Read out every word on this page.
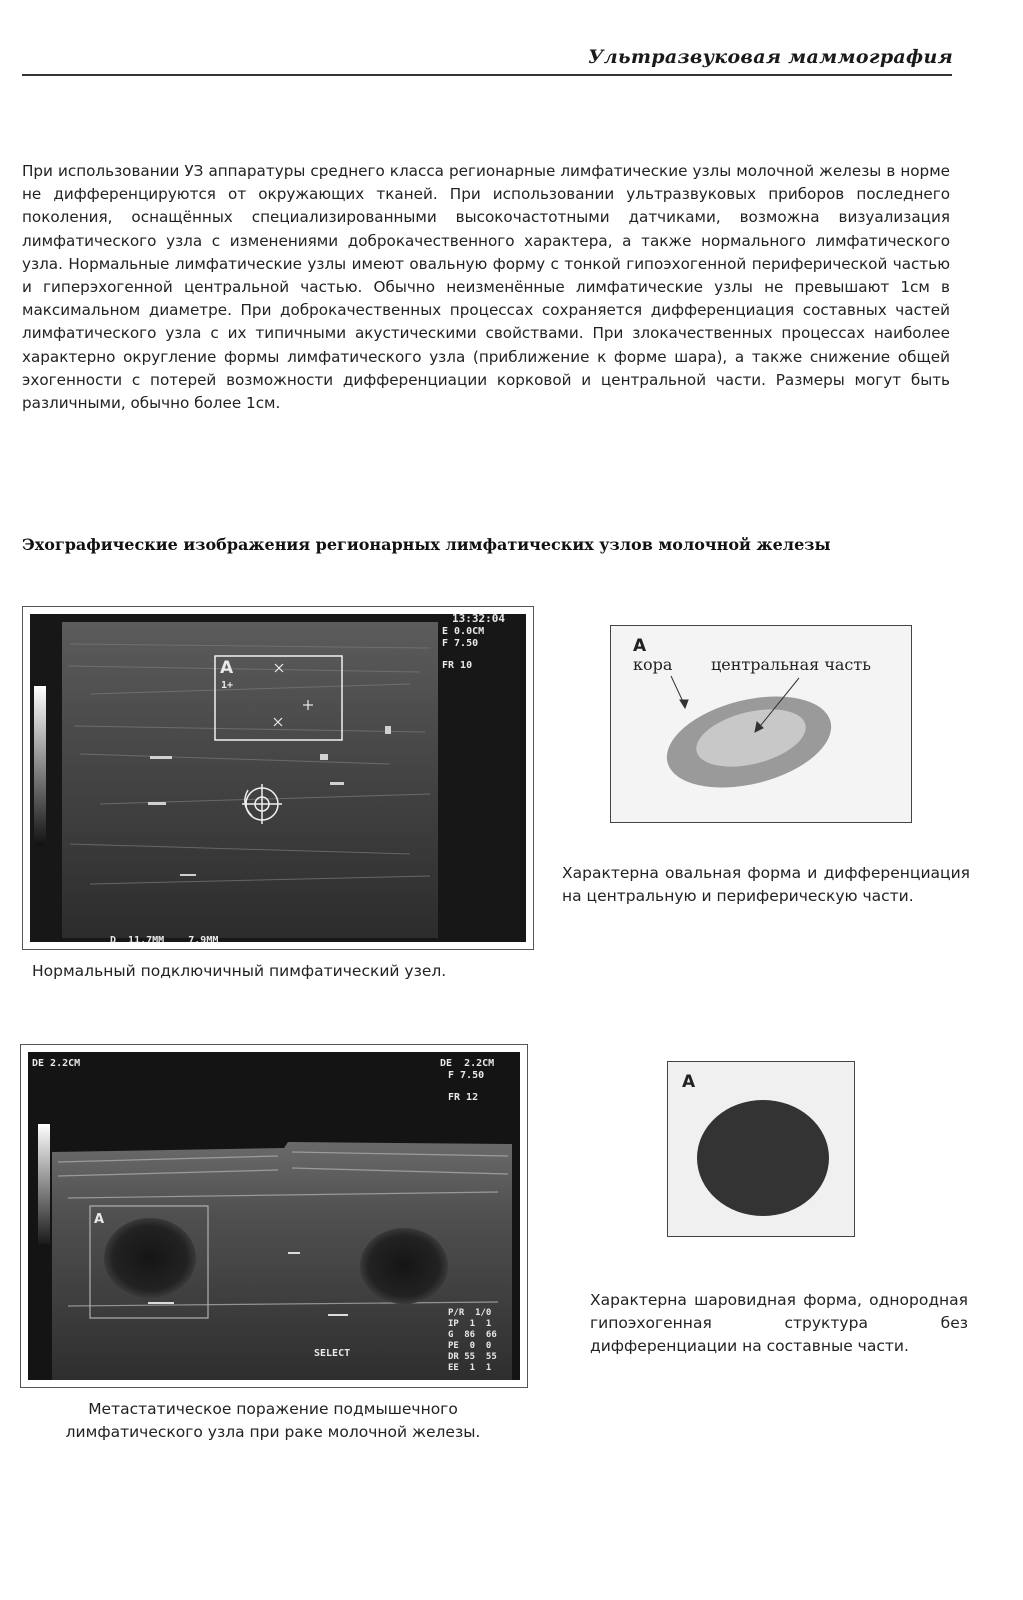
Ультразвуковая маммография
При использовании УЗ аппаратуры среднего класса регионарные лимфатические узлы молочной железы в норме не дифференцируются от окружающих тканей. При использовании ультразвуковых приборов последнего поколения, оснащённых специализированными высокочастотными датчиками, возможна визуализация лимфатического узла с изменениями доброкачественного характера, а также нормального лимфатического узла. Нормальные лимфатические узлы имеют овальную форму с тонкой гипоэхогенной периферической частью и гиперэхогенной центральной частью. Обычно неизменённые лимфатические узлы не превышают 1см в максимальном диаметре. При доброкачественных процессах сохраняется дифференциация составных частей лимфатического узла с их типичными акустическими свойствами. При злокачественных процессах наиболее характерно округление формы лимфатического узла (приближение к форме шара), а также снижение общей эхогенности с потерей возможности дифференциации корковой и центральной части. Размеры могут быть различными, обычно более 1см.
Эхографические изображения регионарных лимфатических узлов молочной железы
13:32:04
E 0.0CM
F 7.50
FR 10
A
1+
D  11.7MM    7.9MM
Нормальный подключичный пимфатический узел.
A
кора центральная часть
Характерна овальная форма и дифференциация на центральную и периферическую части.
DE 2.2CM	DE  2.2CM
F 7.50
FR 12
A
SELECT
P/R  1/0
IP  1  1
G  86  66
PE  0  0
DR 55  55
EE  1  1
Метастатическое поражение подмышечного лимфатического узла при раке молочной железы.
A
Характерна шаровидная форма, однородная гипоэхогенная структура без дифференциации на составные части.
